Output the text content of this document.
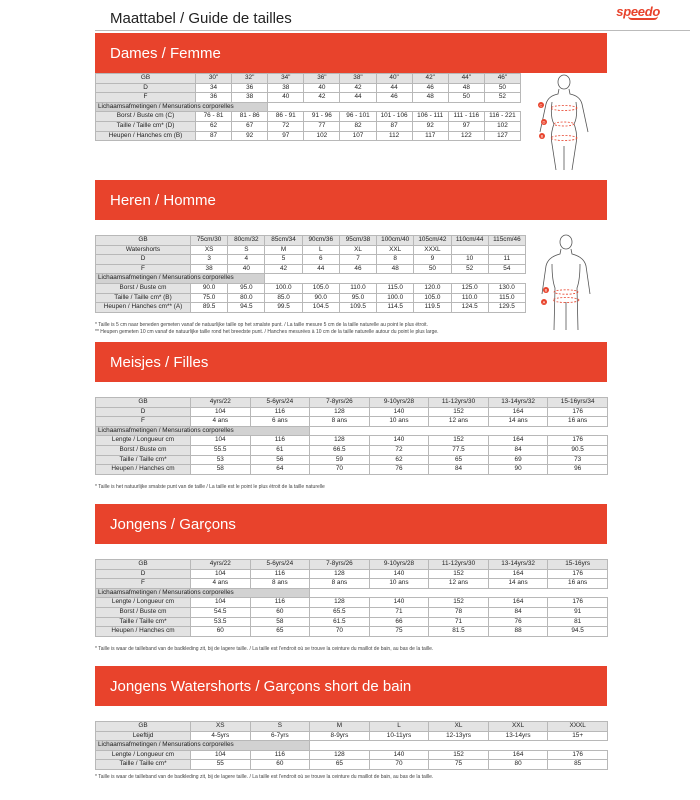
Maattabel / Guide de tailles	speedo
Dames / Femme
GB	30"	32"	34"	36"	38"	40"	42"	44"	46"
D	34	36	38	40	42	44	46	48	50
F	36	38	40	42	44	46	48	50	52
Lichaamsafmetingen / Mensurations corporelles									
Borst / Buste cm (C)	76 - 81	81 - 86	86 - 91	91 - 96	96 - 101	101 - 106	106 - 111	111 - 116	116 - 221
Taille / Taille cm* (D)	62	67	72	77	82	87	92	97	102
Heupen / Hanches cm (B)	87	92	97	102	107	112	117	122	127
Heren / Homme
GB	75cm/30	80cm/32	85cm/34	90cm/36	95cm/38	100cm/40	105cm/42	110cm/44	115cm/46
Watershorts	XS	S	M	L	XL	XXL	XXXL		
D	3	4	5	6	7	8	9	10	11
F	38	40	42	44	46	48	50	52	54
Lichaamsafmetingen / Mensurations corporelles									
Borst / Buste cm	90.0	95.0	100.0	105.0	110.0	115.0	120.0	125.0	130.0
Taille / Taille cm* (B)	75.0	80.0	85.0	90.0	95.0	100.0	105.0	110.0	115.0
Heupen / Hanches cm** (A)	89.5	94.5	99.5	104.5	109.5	114.5	119.5	124.5	129.5
* Taille is 5 cm naar beneden gemeten vanaf de natuurlijke taille op het smalste punt. / La taille mesure 5 cm de la taille naturelle au point le plus étroit.
** Heupen gemeten 10 cm vanaf de natuurlijke taille rond het breedste punt. / Hanches mesurées à 10 cm de la taille naturelle autour du point le plus large.
Meisjes / Filles
GB	4yrs/22	5-6yrs/24	7-8yrs/26	9-10yrs/28	11-12yrs/30	13-14yrs/32	15-16yrs/34
D	104	116	128	140	152	164	176
F	4 ans	6 ans	8 ans	10 ans	12 ans	14 ans	16 ans
Lichaamsafmetingen / Mensurations corporelles							
Lengte / Longueur cm	104	116	128	140	152	164	176
Borst / Buste cm	55.5	61	66.5	72	77.5	84	90.5
Taille / Taille cm*	53	56	59	62	65	69	73
Heupen / Hanches cm	58	64	70	76	84	90	96
* Taille is het natuurlijke smalste punt van de taille / La taille est le point le plus étroit de la taille naturelle
Jongens / Garçons
GB	4yrs/22	5-6yrs/24	7-8yrs/26	9-10yrs/28	11-12yrs/30	13-14yrs/32	15-16yrs
D	104	116	128	140	152	164	176
F	4 ans	8 ans	8 ans	10 ans	12 ans	14 ans	16 ans
Lichaamsafmetingen / Mensurations corporelles							
Lengte / Longueur cm	104	116	128	140	152	164	176
Borst / Buste cm	54.5	60	65.5	71	78	84	91
Taille / Taille cm*	53.5	58	61.5	66	71	76	81
Heupen / Hanches cm	60	65	70	75	81.5	88	94.5
* Taille is waar de tailleband van de badkleding zit, bij de lagere taille. / La taille est l'endroit où se trouve la ceinture du maillot de bain, au bas de la taille.
Jongens Watershorts / Garçons short de bain
GB	XS	S	M	L	XL	XXL	XXXL
Leeftijd	4-5yrs	6-7yrs	8-9yrs	10-11yrs	12-13yrs	13-14yrs	15+
Lichaamsafmetingen / Mensurations corporelles							
Lengte / Longueur cm	104	116	128	140	152	164	176
Taille / Taille cm*	55	60	65	70	75	80	85
* Taille is waar de tailleband van de badkleding zit, bij de lagere taille. / La taille est l'endroit où se trouve la ceinture du maillot de bain, au bas de la taille.
C
D
B
B
A
